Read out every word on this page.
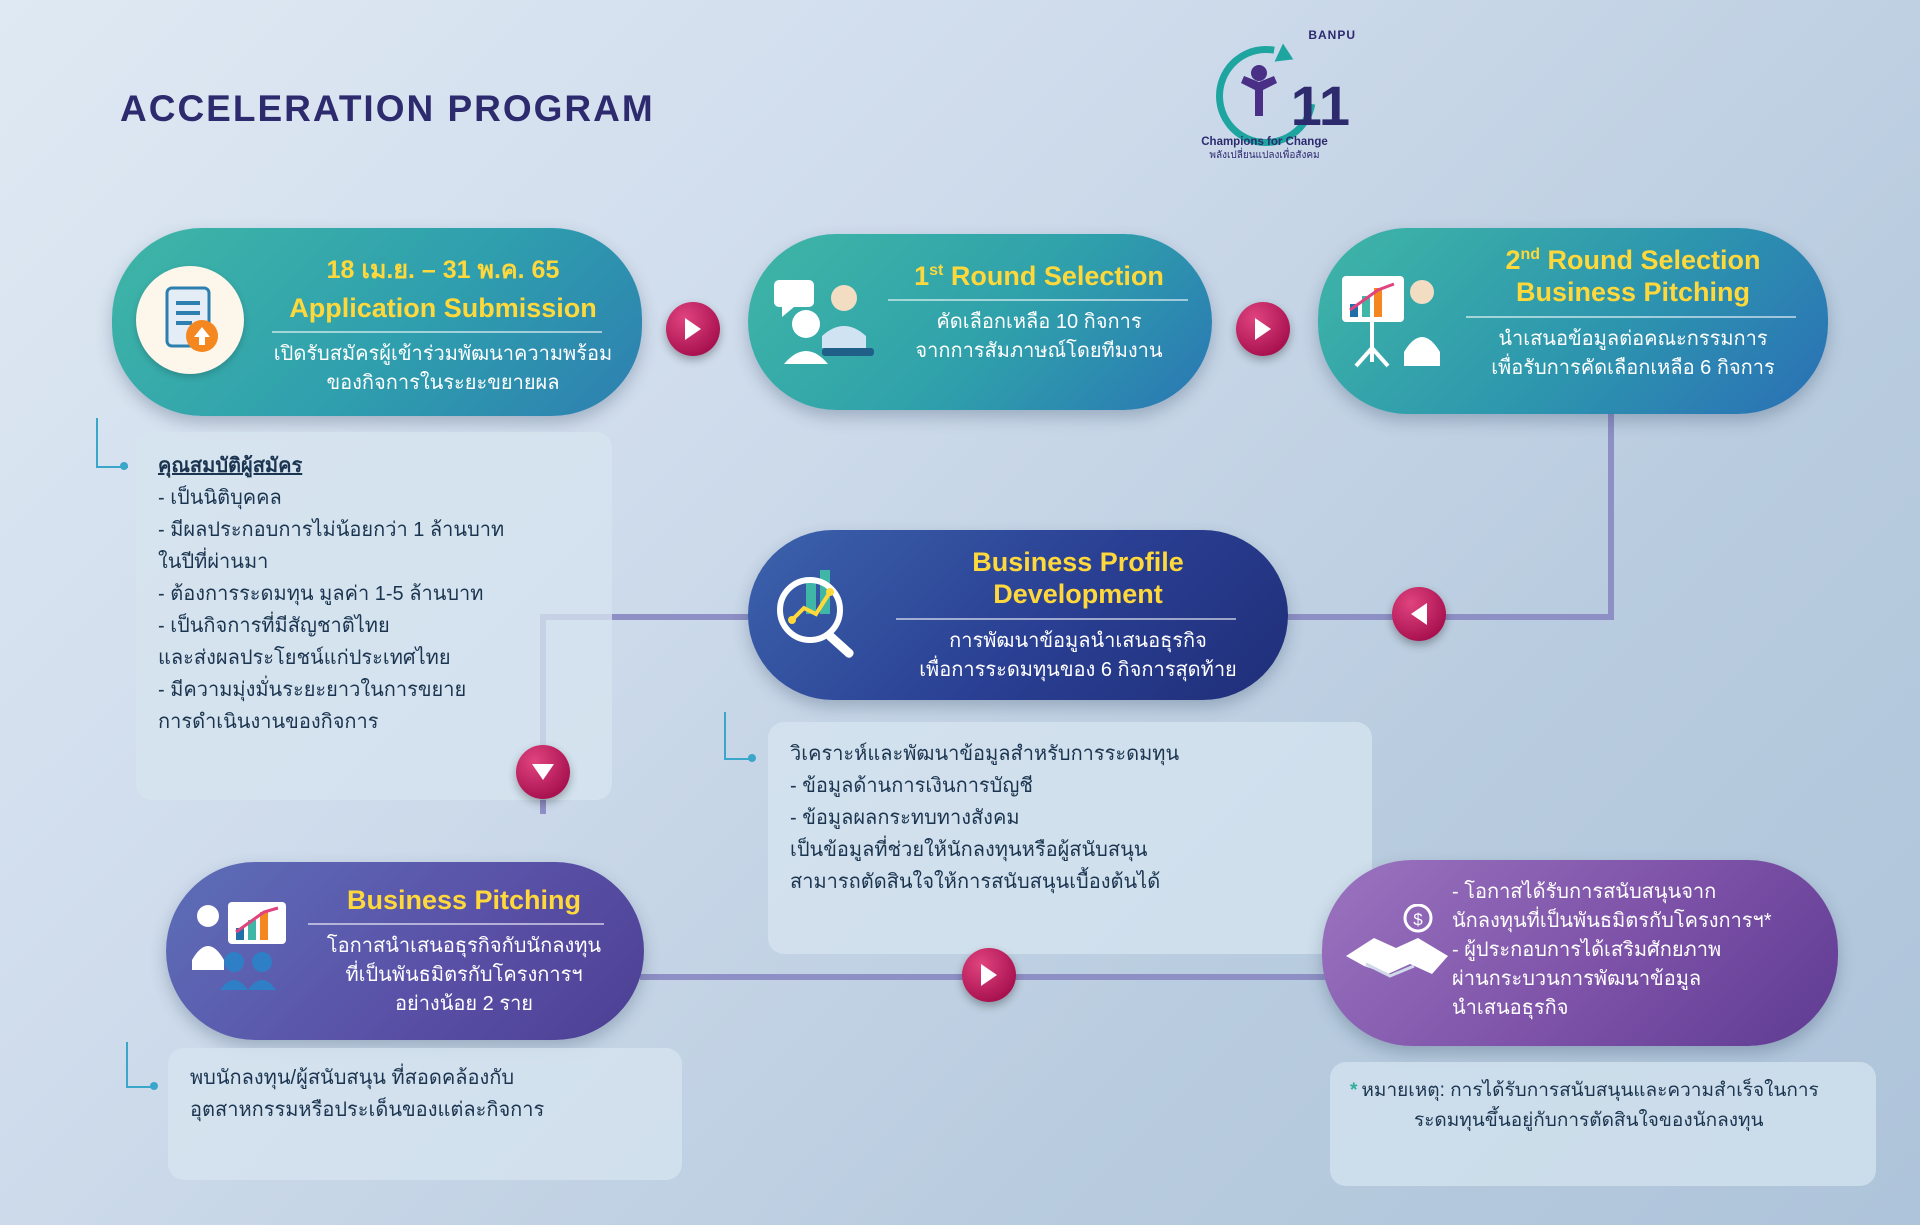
ACCELERATION PROGRAM
BANPU
11
Champions for Change
พลังเปลี่ยนแปลงเพื่อสังคม
18 เม.ย. – 31 พ.ค. 65
Application Submission
เปิดรับสมัครผู้เข้าร่วมพัฒนาความพร้อม
ของกิจการในระยะขยายผล
1st Round Selection
คัดเลือกเหลือ 10 กิจการ
จากการสัมภาษณ์โดยทีมงาน
2nd Round Selection
Business Pitching
นำเสนอข้อมูลต่อคณะกรรมการ
เพื่อรับการคัดเลือกเหลือ 6 กิจการ
คุณสมบัติผู้สมัคร
- เป็นนิติบุคคล
- มีผลประกอบการไม่น้อยกว่า 1 ล้านบาท
ในปีที่ผ่านมา
- ต้องการระดมทุน มูลค่า 1-5 ล้านบาท
- เป็นกิจการที่มีสัญชาติไทย
และส่งผลประโยชน์แก่ประเทศไทย
- มีความมุ่งมั่นระยะยาวในการขยาย
การดำเนินงานของกิจการ
Business Profile
Development
การพัฒนาข้อมูลนำเสนอธุรกิจ
เพื่อการระดมทุนของ 6 กิจการสุดท้าย
วิเคราะห์และพัฒนาข้อมูลสำหรับการระดมทุน
- ข้อมูลด้านการเงินการบัญชี
- ข้อมูลผลกระทบทางสังคม
เป็นข้อมูลที่ช่วยให้นักลงทุนหรือผู้สนับสนุน
สามารถตัดสินใจให้การสนับสนุนเบื้องต้นได้
Business Pitching
โอกาสนำเสนอธุรกิจกับนักลงทุน
ที่เป็นพันธมิตรกับโครงการฯ
อย่างน้อย 2 ราย
พบนักลงทุน/ผู้สนับสนุน ที่สอดคล้องกับ
อุตสาหกรรมหรือประเด็นของแต่ละกิจการ
$
- โอกาสได้รับการสนับสนุนจาก
นักลงทุนที่เป็นพันธมิตรกับโครงการฯ*
- ผู้ประกอบการได้เสริมศักยภาพ
ผ่านกระบวนการพัฒนาข้อมูล
นำเสนอธุรกิจ
* หมายเหตุ: การได้รับการสนับสนุนและความสำเร็จในการ
ระดมทุนขึ้นอยู่กับการตัดสินใจของนักลงทุน
